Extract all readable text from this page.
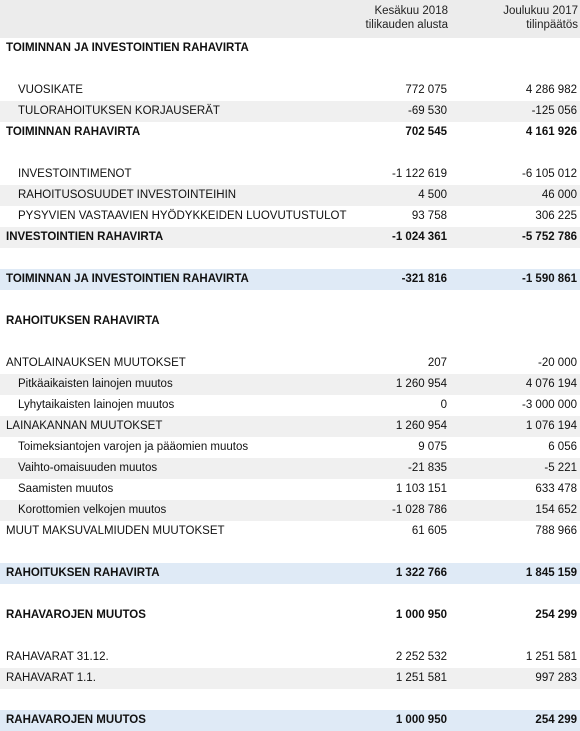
Kesäkuu 2018
tilikauden alusta
Joulukuu 2017
tilinpäätös
TOIMINNAN JA INVESTOINTIEN RAHAVIRTA
VUOSIKATE	772 075	4 286 982
TULORAHOITUKSEN KORJAUSERÄT	-69 530	-125 056
TOIMINNAN RAHAVIRTA	702 545	4 161 926
INVESTOINTIMENOT	-1 122 619	-6 105 012
RAHOITUSOSUUDET INVESTOINTEIHIN	4 500	46 000
PYSYVIEN VASTAAVIEN HYÖDYKKEIDEN LUOVUTUSTULOT	93 758	306 225
INVESTOINTIEN RAHAVIRTA	-1 024 361	-5 752 786
TOIMINNAN JA INVESTOINTIEN RAHAVIRTA	-321 816	-1 590 861
RAHOITUKSEN RAHAVIRTA
ANTOLAINAUKSEN MUUTOKSET	207	-20 000
Pitkäaikaisten lainojen muutos	1 260 954	4 076 194
Lyhytaikaisten lainojen muutos	0	-3 000 000
LAINAKANNAN MUUTOKSET	1 260 954	1 076 194
Toimeksiantojen varojen ja pääomien muutos	9 075	6 056
Vaihto-omaisuuden muutos	-21 835	-5 221
Saamisten muutos	1 103 151	633 478
Korottomien velkojen muutos	-1 028 786	154 652
MUUT MAKSUVALMIUDEN MUUTOKSET	61 605	788 966
RAHOITUKSEN RAHAVIRTA	1 322 766	1 845 159
RAHAVAROJEN MUUTOS	1 000 950	254 299
RAHAVARAT 31.12.	2 252 532	1 251 581
RAHAVARAT 1.1.	1 251 581	997 283
RAHAVAROJEN MUUTOS	1 000 950	254 299
